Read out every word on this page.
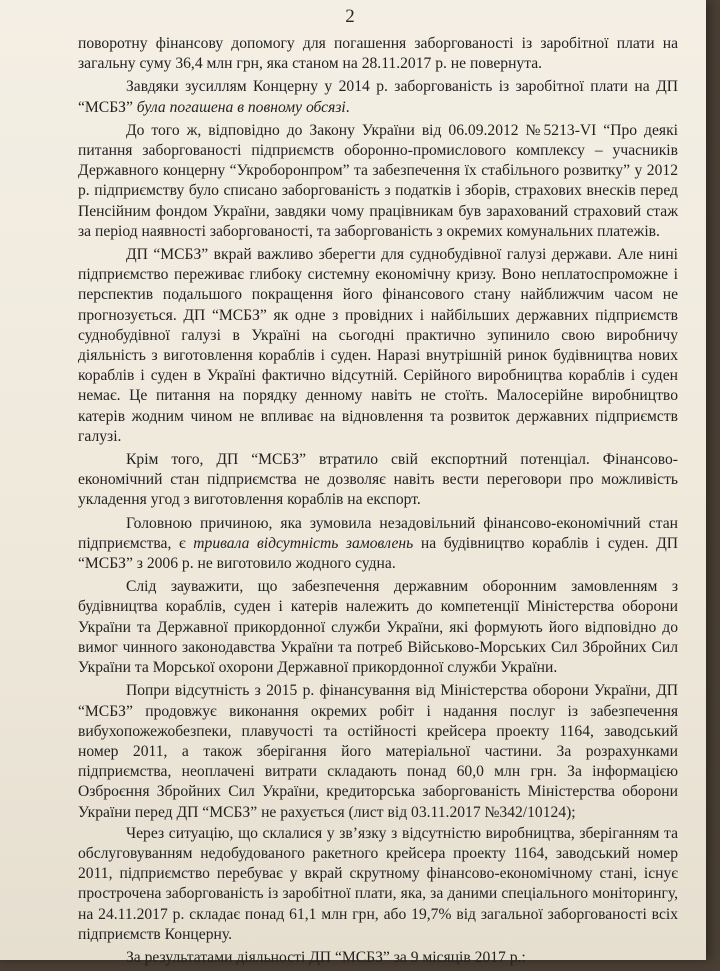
2

поворотну фінансову допомогу для погашення заборгованості із заробітної плати на загальну суму 36,4 млн грн, яка станом на 28.11.2017 р. не повернута.

Завдяки зусиллям Концерну у 2014 р. заборгованість із заробітної плати на ДП “МСБЗ” була погашена в повному обсязі.

До того ж, відповідно до Закону України від 06.09.2012 №5213-VI “Про деякі питання заборгованості підприємств оборонно-промислового комплексу – учасників Державного концерну “Укроборонпром” та забезпечення їх стабільного розвитку” у 2012 р. підприємству було списано заборгованість з податків і зборів, страхових внесків перед Пенсійним фондом України, завдяки чому працівникам був зарахований страховий стаж за період наявності заборгованості, та заборгованість з окремих комунальних платежів.

ДП “МСБЗ” вкрай важливо зберегти для суднобудівної галузі держави. Але нині підприємство переживає глибоку системну економічну кризу. Воно неплатоспроможне і перспектив подальшого покращення його фінансового стану найближчим часом не прогнозується. ДП “МСБЗ” як одне з провідних і найбільших державних підприємств суднобудівної галузі в Україні на сьогодні практично зупинило свою виробничу діяльність з виготовлення кораблів і суден. Наразі внутрішній ринок будівництва нових кораблів і суден в Україні фактично відсутній. Серійного виробництва кораблів і суден немає. Це питання на порядку денному навіть не стоїть. Малосерійне виробництво катерів жодним чином не впливає на відновлення та розвиток державних підприємств галузі.

Крім того, ДП “МСБЗ” втратило свій експортний потенціал. Фінансово-економічний стан підприємства не дозволяє навіть вести переговори про можливість укладення угод з виготовлення кораблів на експорт.

Головною причиною, яка зумовила незадовільний фінансово-економічний стан підприємства, є тривала відсутність замовлень на будівництво кораблів і суден. ДП “МСБЗ” з 2006 р. не виготовило жодного судна.

Слід зауважити, що забезпечення державним оборонним замовленням з будівництва кораблів, суден і катерів належить до компетенції Міністерства оборони України та Державної прикордонної служби України, які формують його відповідно до вимог чинного законодавства України та потреб Військово-Морських Сил Збройних Сил України та Морської охорони Державної прикордонної служби України.

Попри відсутність з 2015 р. фінансування від Міністерства оборони України, ДП “МСБЗ” продовжує виконання окремих робіт і надання послуг із забезпечення вибухопожежобезпеки, плавучості та остійності крейсера проекту 1164, заводський номер 2011, а також зберігання його матеріальної частини. За розрахунками підприємства, неоплачені витрати складають понад 60,0 млн грн. За інформацією Озброєння Збройних Сил України, кредиторська заборгованість Міністерства оборони України перед ДП “МСБЗ” не рахується (лист від 03.11.2017 №342/10124);

Через ситуацію, що склалися у зв’язку з відсутністю виробництва, зберіганням та обслуговуванням недобудованого ракетного крейсера проекту 1164, заводський номер 2011, підприємство перебуває у вкрай скрутному фінансово-економічному стані, існує прострочена заборгованість із заробітної плати, яка, за даними спеціального моніторингу, на 24.11.2017 р. складає понад 61,1 млн грн, або 19,7% від загальної заборгованості всіх підприємств Концерну.

За результатами діяльності ДП “МСБЗ” за 9 місяців 2017 р.:
